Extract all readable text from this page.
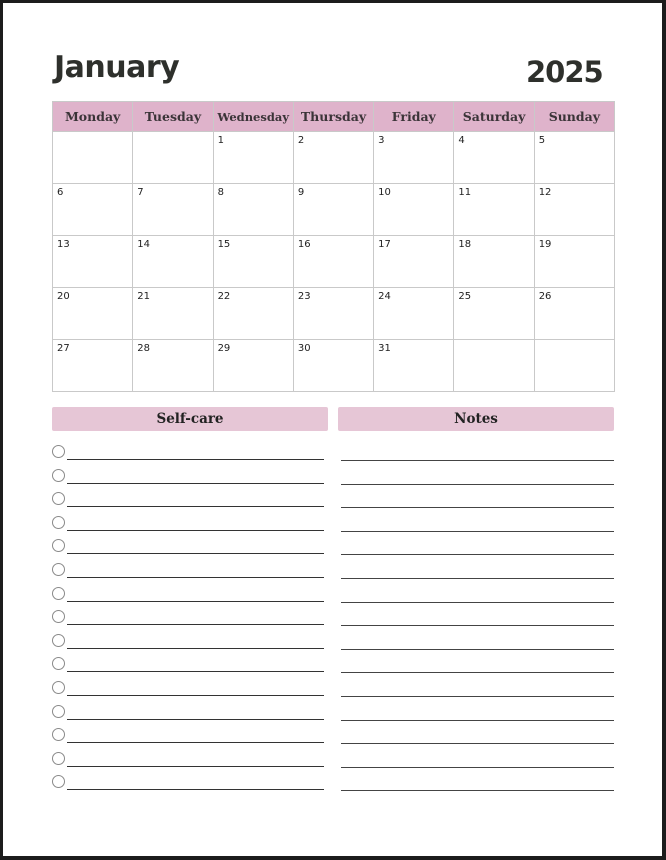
January	2025
Monday	Tuesday	Wednesday	Thursday	Friday	Saturday	Sunday

		1	2	3	4	5

6	7	8	9	10	11	12

13	14	15	16	17	18	19

20	21	22	23	24	25	26

27	28	29	30	31		

Self-care	Notes
